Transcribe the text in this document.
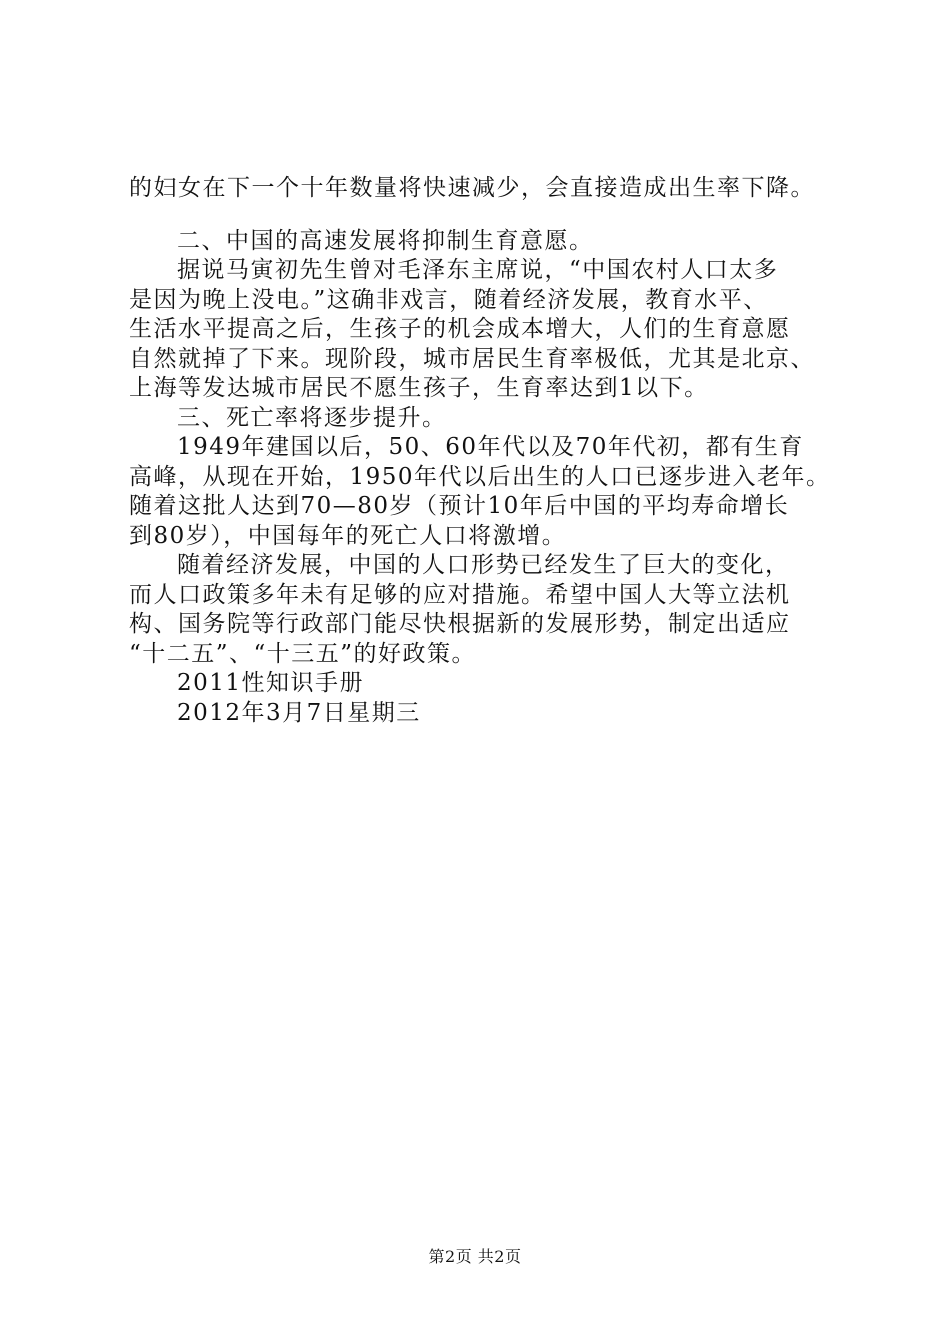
的妇女在下一个十年数量将快速减少，会直接造成出生率下降。

二、中国的高速发展将抑制生育意愿。

据说马寅初先生曾对毛泽东主席说，“中国农村人口太多

是因为晚上没电。”这确非戏言，随着经济发展，教育水平、

生活水平提高之后，生孩子的机会成本增大，人们的生育意愿

自然就掉了下来。现阶段，城市居民生育率极低，尤其是北京、

上海等发达城市居民不愿生孩子，生育率达到1以下。

三、死亡率将逐步提升。

1949年建国以后，50、60年代以及70年代初，都有生育

高峰，从现在开始，1950年代以后出生的人口已逐步进入老年。

随着这批人达到70—80岁（预计10年后中国的平均寿命增长

到80岁），中国每年的死亡人口将激增。

随着经济发展，中国的人口形势已经发生了巨大的变化，

而人口政策多年未有足够的应对措施。希望中国人大等立法机

构、国务院等行政部门能尽快根据新的发展形势，制定出适应

“十二五”、“十三五”的好政策。

2011性知识手册

2012年3月7日星期三

第2页 共2页
